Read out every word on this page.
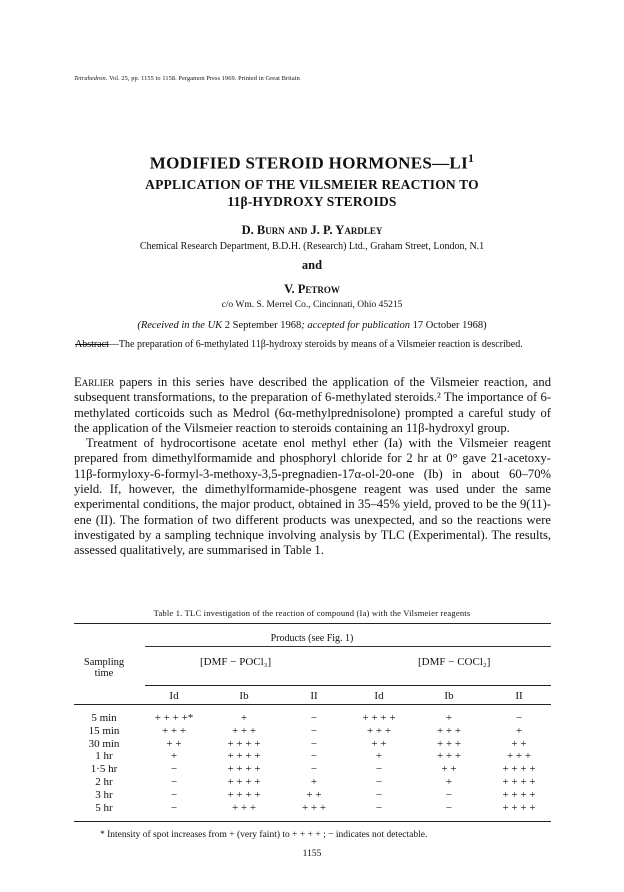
Tetrahedron. Vol. 25, pp. 1155 to 1158. Pergamon Press 1969. Printed in Great Britain
MODIFIED STEROID $HORMONES—LI^1$
APPLICATION OF THE VILSMEIER REACTION TO
11β-HYDROXY STEROIDS
D. Burn and J. P. Yardley
Chemical Research Department, B.D.H. (Research) Ltd., Graham Street, London, N.1
and
V. Petrow
c/o Wm. S. Merrel Co., Cincinnati, Ohio 45215
(Received in the UK 2 September 1968; accepted for publication 17 October 1968)
Abstract—The preparation of 6-methylated 11β-hydroxy steroids by means of a Vilsmeier reaction is described.

Earlier papers in this series have described the application of the Vilsmeier reaction, and subsequent transformations, to the preparation of 6-methylated steroids.² The importance of 6-methylated corticoids such as Medrol (6α-methylprednisolone) prompted a careful study of the application of the Vilsmeier reaction to steroids containing an 11β-hydroxyl group.

Treatment of hydrocortisone acetate enol methyl ether (Ia) with the Vilsmeier reagent prepared from dimethylformamide and phosphoryl chloride for 2 hr at 0° gave 21-acetoxy-11β-formyloxy-6-formyl-3-methoxy-3,5-pregnadien-17α-ol-20-one (Ib) in about 60–70% yield. If, however, the dimethylformamide-phosgene reagent was used under the same experimental conditions, the major product, obtained in 35–45% yield, proved to be the 9(11)-ene (II). The formation of two different products was unexpected, and so the reactions were investigated by a sampling technique involving analysis by TLC (Experimental). The results, assessed qualitatively, are summarised in Table 1.

Table 1. TLC investigation of the reaction of compound (Ia) with the Vilsmeier reagents
Products (see Fig. 1)
Sampling
time
[DMF − POCl₃]	[DMF − COCl₂]
Id	Ib	II	Id	Ib	II
5 min	+ + + +*	+	−	+ + + +	+	−
15 min	+ + +	+ + +	−	+ + +	+ + +	+
30 min	+ +	+ + + +	−	+ +	+ + +	+ +
1 hr	+	+ + + +	−	+	+ + +	+ + +
1·5 hr	−	+ + + +	−	−	+ +	+ + + +
2 hr	−	+ + + +	+	−	+	+ + + +
3 hr	−	+ + + +	+ +	−	−	+ + + +
5 hr	−	+ + +	+ + +	−	−	+ + + +
* Intensity of spot increases from + (very faint) to + + + + ; − indicates not detectable.
1155
